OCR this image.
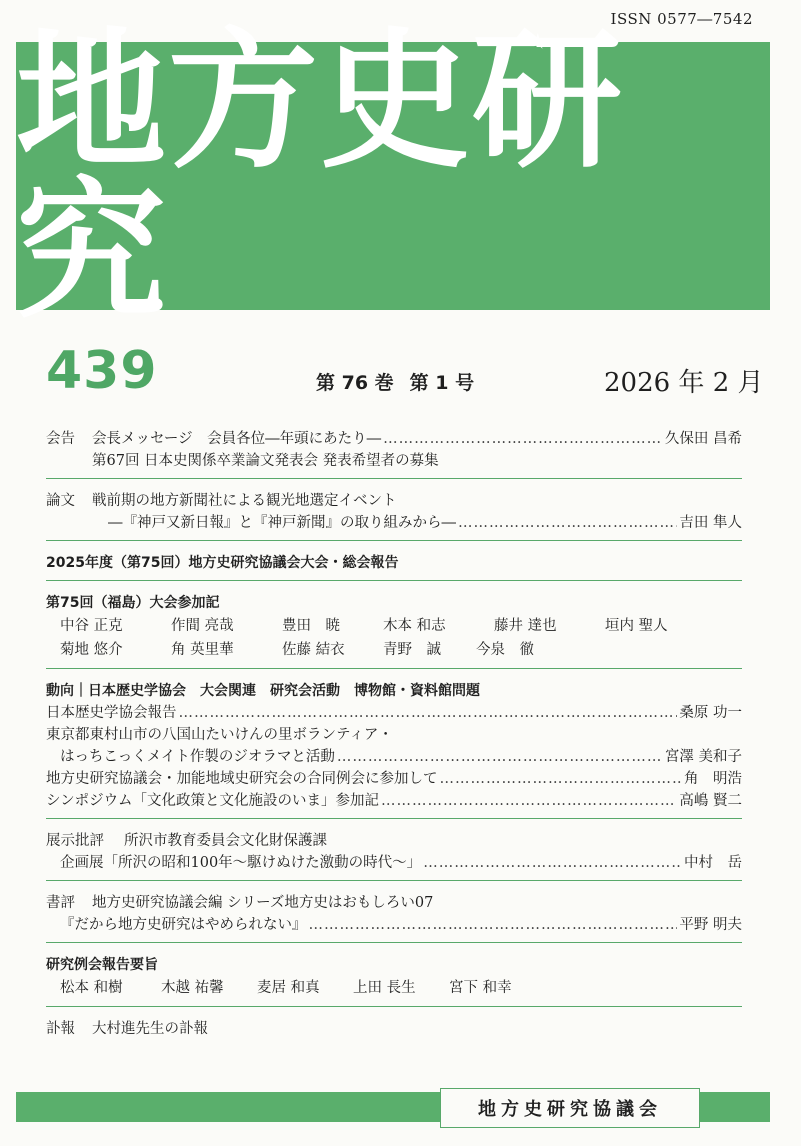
ISSN 0577―7542
地方史研究
439	第 76 巻 第 1 号	2026 年 2 月
会告	会長メッセージ　会員各位―年頭にあたり― ……………………………………………………………………………………………………………………………………………	久保田 昌希
第67回 日本史関係卒業論文発表会 発表希望者の募集
論文	戦前期の地方新聞社による観光地選定イベント
―『神戸又新日報』と『神戸新聞』の取り組みから― ……………………………………………………………………………………………………………………………………………	吉田 隼人
2025年度（第75回）地方史研究協議会大会・総会報告
第75回（福島）大会参加記
中谷 正克	作間 亮哉	豊田　暁	木本 和志	藤井 達也	垣内 聖人
菊地 悠介	角 英里華	佐藤 結衣	青野　誠	今泉　徹
動向｜日本歴史学協会　大会関連　研究会活動　博物館・資料館問題
日本歴史学協会報告 ……………………………………………………………………………………………………………………………………………	桑原 功一
東京都東村山市の八国山たいけんの里ボランティア・
はっちこっくメイト作製のジオラマと活動 ……………………………………………………………………………………………………………………………………………	宮澤 美和子
地方史研究協議会・加能地域史研究会の合同例会に参加して ……………………………………………………………………………………………………………………………………………	角　明浩
シンポジウム「文化政策と文化施設のいま」参加記 ……………………………………………………………………………………………………………………………………………	高嶋 賢二
展示批評	所沢市教育委員会文化財保護課
企画展「所沢の昭和100年～駆けぬけた激動の時代～」 ……………………………………………………………………………………………………………………………………………	中村　岳
書評	地方史研究協議会編 シリーズ地方史はおもしろい07
『だから地方史研究はやめられない』 ……………………………………………………………………………………………………………………………………………	平野 明夫
研究例会報告要旨
松本 和樹	木越 祐馨	麦居 和真	上田 長生	宮下 和幸
訃報	大村進先生の訃報
地方史研究協議会
